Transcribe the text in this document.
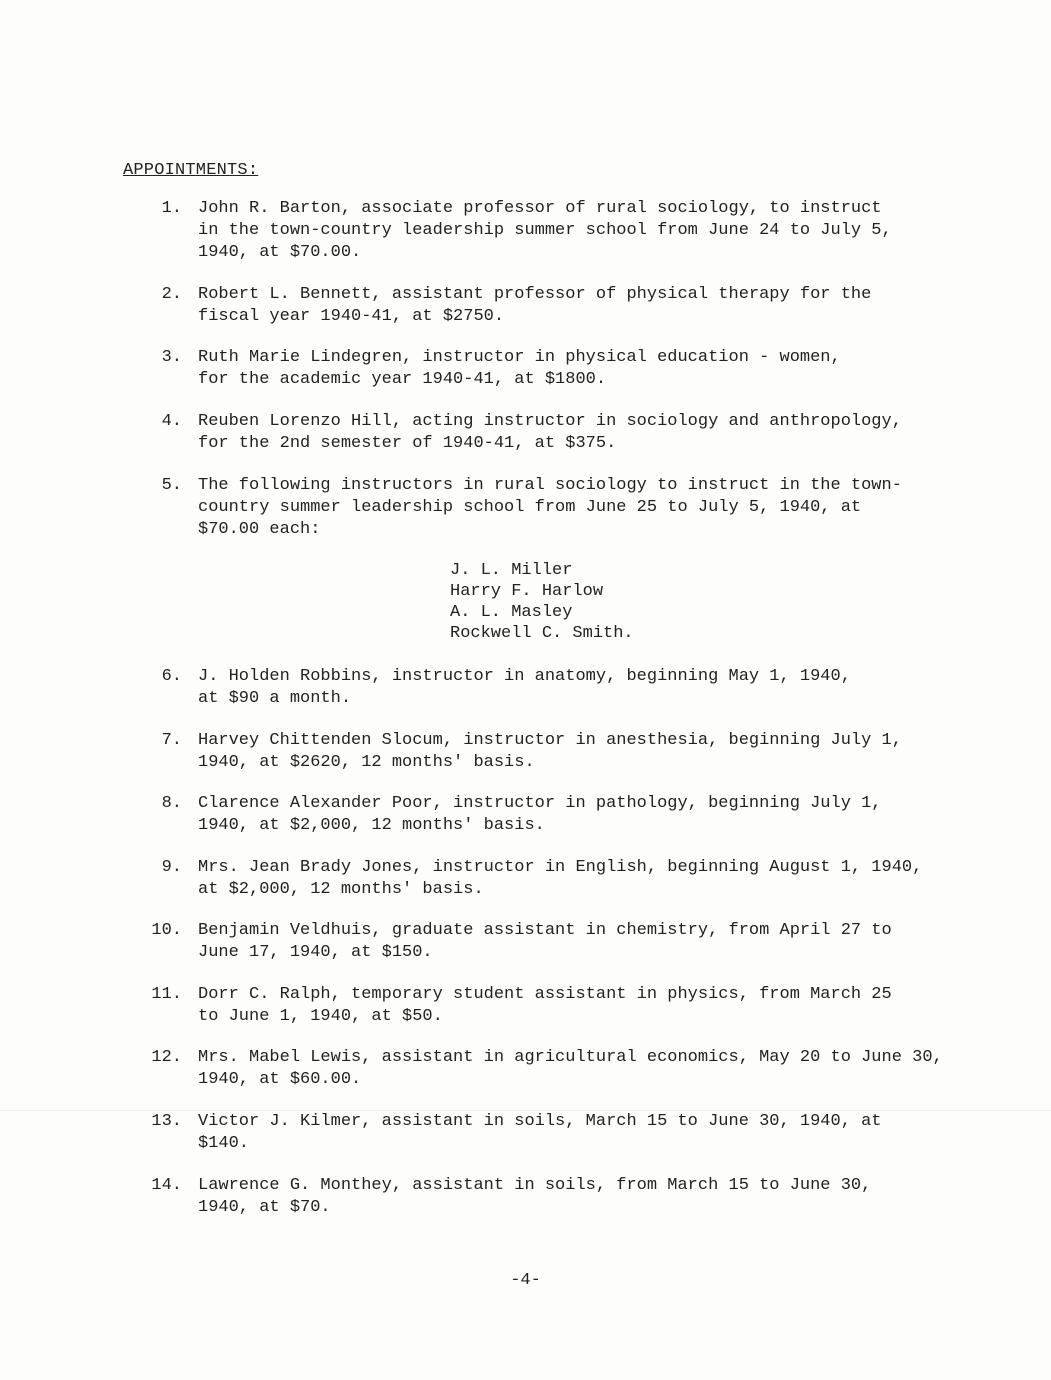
APPOINTMENTS:
1. John R. Barton, associate professor of rural sociology, to instruct
in the town-country leadership summer school from June 24 to July 5,
1940, at $70.00.
2. Robert L. Bennett, assistant professor of physical therapy for the
fiscal year 1940-41, at $2750.
3. Ruth Marie Lindegren, instructor in physical education - women,
for the academic year 1940-41, at $1800.
4. Reuben Lorenzo Hill, acting instructor in sociology and anthropology,
for the 2nd semester of 1940-41, at $375.
5. The following instructors in rural sociology to instruct in the town-
country summer leadership school from June 25 to July 5, 1940, at
$70.00 each:
J. L. Miller
Harry F. Harlow
A. L. Masley
Rockwell C. Smith.
6. J. Holden Robbins, instructor in anatomy, beginning May 1, 1940,
at $90 a month.
7. Harvey Chittenden Slocum, instructor in anesthesia, beginning July 1,
1940, at $2620, 12 months' basis.
8. Clarence Alexander Poor, instructor in pathology, beginning July 1,
1940, at $2,000, 12 months' basis.
9. Mrs. Jean Brady Jones, instructor in English, beginning August 1, 1940,
at $2,000, 12 months' basis.
10. Benjamin Veldhuis, graduate assistant in chemistry, from April 27 to
June 17, 1940, at $150.
11. Dorr C. Ralph, temporary student assistant in physics, from March 25
to June 1, 1940, at $50.
12. Mrs. Mabel Lewis, assistant in agricultural economics, May 20 to June 30,
1940, at $60.00.
13. Victor J. Kilmer, assistant in soils, March 15 to June 30, 1940, at
$140.
14. Lawrence G. Monthey, assistant in soils, from March 15 to June 30,
1940, at $70.
-4-
